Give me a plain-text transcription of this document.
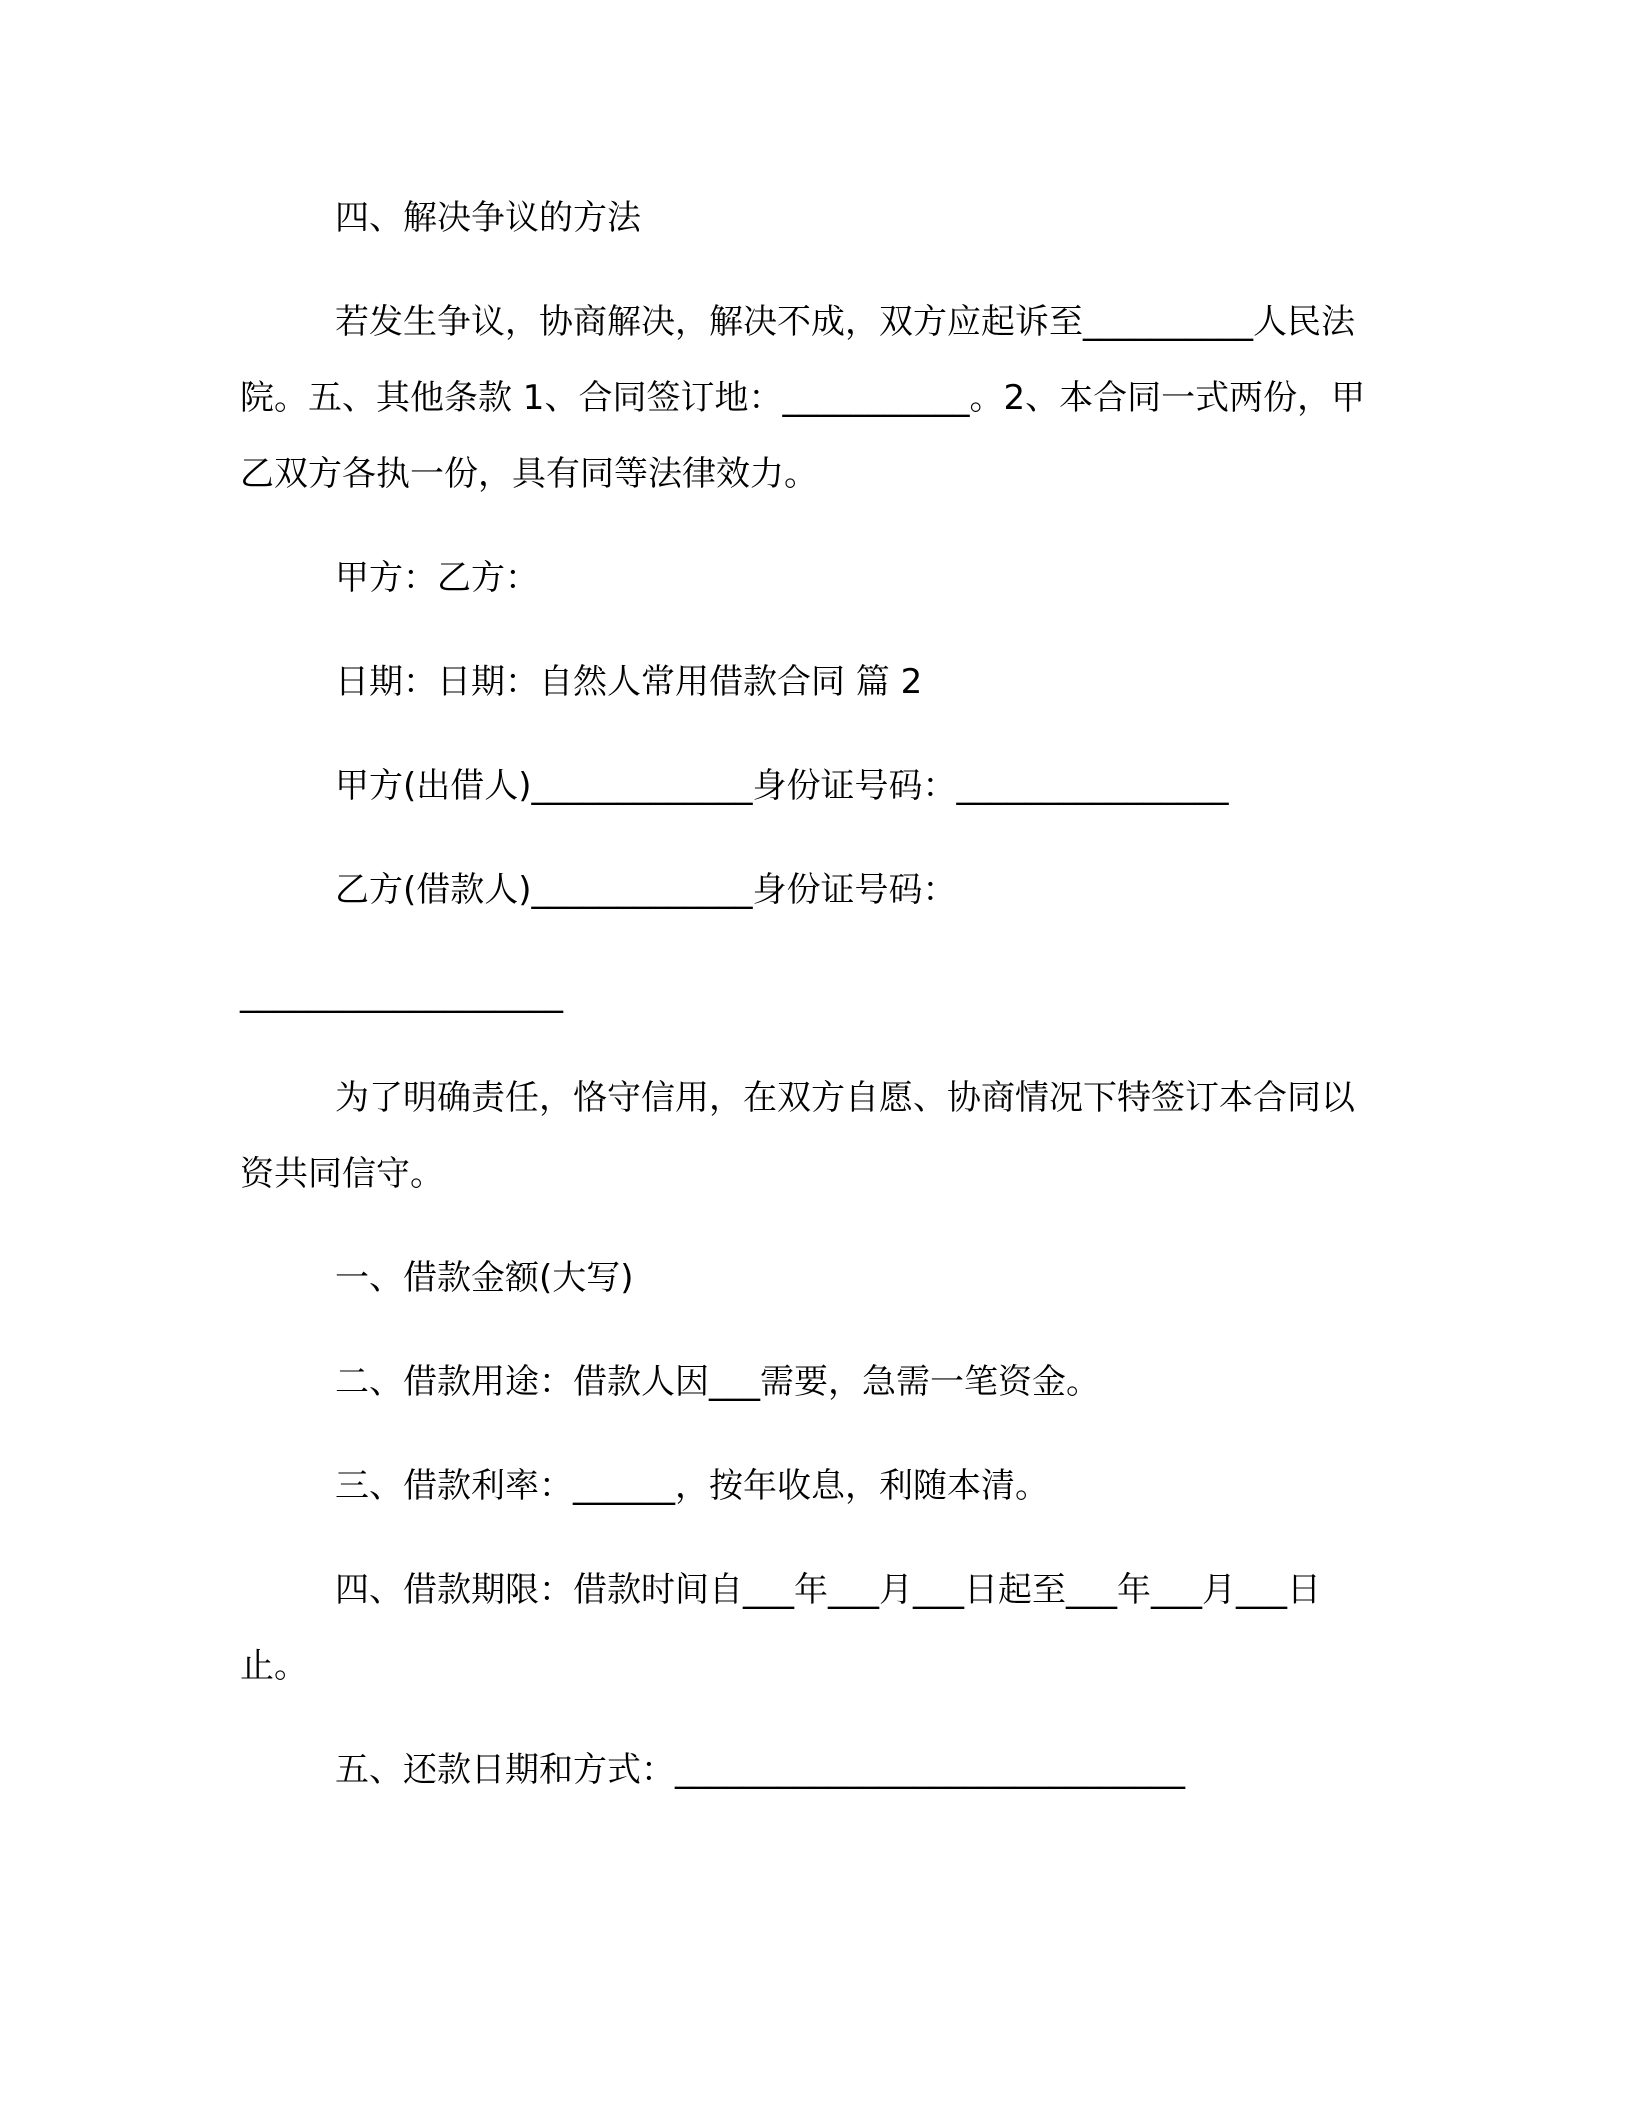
四、解决争议的方法

若发生争议，协商解决，解决不成，双方应起诉至__________人民法院。五、其他条款 1、合同签订地：___________。2、本合同一式两份，甲乙双方各执一份，具有同等法律效力。

甲方：乙方：

日期：日期：自然人常用借款合同 篇 2

甲方(出借人)_____________身份证号码：________________

乙方(借款人)_____________身份证号码：

___________________

为了明确责任，恪守信用，在双方自愿、协商情况下特签订本合同以资共同信守。

一、借款金额(大写)

二、借款用途：借款人因___需要，急需一笔资金。

三、借款利率：______，按年收息，利随本清。

四、借款期限：借款时间自___年___月___日起至___年___月___日止。

五、还款日期和方式：______________________________
